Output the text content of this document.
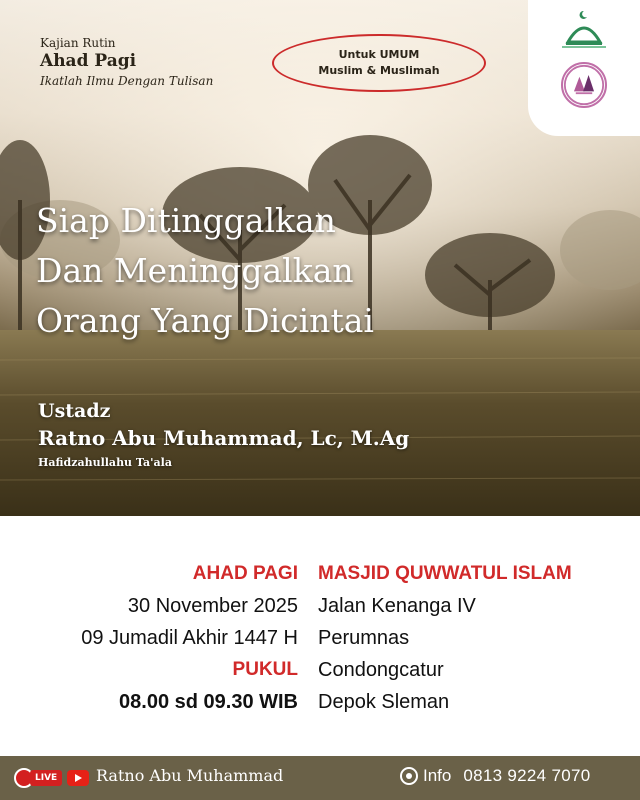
Kajian Rutin
Ahad Pagi
Ikatlah Ilmu Dengan Tulisan
Untuk UMUM
Muslim & Muslimah
Siap Ditinggalkan
Dan Meninggalkan
Orang Yang Dicintai
Ustadz
Ratno Abu Muhammad, Lc, M.Ag
Hafidzahullahu Ta'ala
AHAD PAGI
30 November 2025
09 Jumadil Akhir 1447 H
PUKUL
08.00 sd 09.30 WIB
MASJID QUWWATUL ISLAM
Jalan Kenanga IV
Perumnas
Condongcatur
Depok Sleman
LIVE	Ratno Abu Muhammad	Info 0813 9224 7070
